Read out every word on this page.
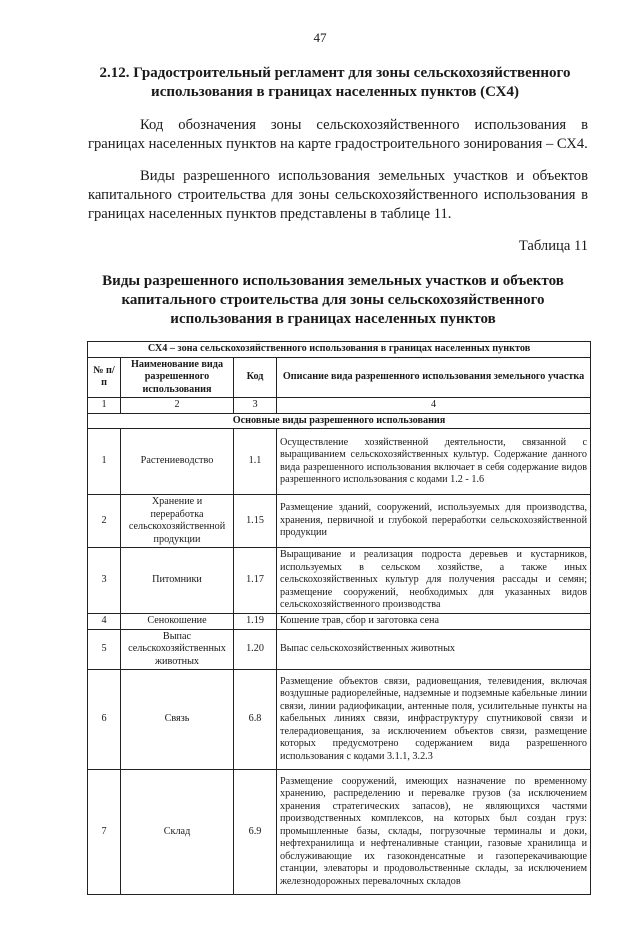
47
2.12. Градостроительный регламент для зоны сельскохозяйственного использования в границах населенных пунктов (СХ4)
Код обозначения зоны сельскохозяйственного использования в границах населенных пунктов на карте градостроительного зонирования – СХ4.
Виды разрешенного использования земельных участков и объектов капитального строительства для зоны сельскохозяйственного использования в границах населенных пунктов представлены в таблице 11.
Таблица 11
Виды разрешенного использования земельных участков и объектов капитального строительства для зоны сельскохозяйственного использования в границах населенных пунктов
СХ4 – зона сельскохозяйственного использования в границах населенных пунктов			
№ п/п	Наименование вида разрешенного использования	Код	Описание вида разрешенного использования земельного участка
1	2	3	4
Основные виды разрешенного использования			
1	Растениеводство	1.1	Осуществление хозяйственной деятельности, связанной с выращиванием сельскохозяйственных культур. Содержание данного вида разрешенного использования включает в себя содержание видов разрешенного использования с кодами 1.2 - 1.6
2	Хранение и переработка сельскохозяйственной продукции	1.15	Размещение зданий, сооружений, используемых для производства, хранения, первичной и глубокой переработки сельскохозяйственной продукции
3	Питомники	1.17	Выращивание и реализация подроста деревьев и кустарников, используемых в сельском хозяйстве, а также иных сельскохозяйственных культур для получения рассады и семян; размещение сооружений, необходимых для указанных видов сельскохозяйственного производства
4	Сенокошение	1.19	Кошение трав, сбор и заготовка сена
5	Выпас сельскохозяйственных животных	1.20	Выпас сельскохозяйственных животных
6	Связь	6.8	Размещение объектов связи, радиовещания, телевидения, включая воздушные радиорелейные, надземные и подземные кабельные линии связи, линии радиофикации, антенные поля, усилительные пункты на кабельных линиях связи, инфраструктуру спутниковой связи и телерадиовещания, за исключением объектов связи, размещение которых предусмотрено содержанием вида разрешенного использования с кодами 3.1.1, 3.2.3
7	Склад	6.9	Размещение сооружений, имеющих назначение по временному хранению, распределению и перевалке грузов (за исключением хранения стратегических запасов), не являющихся частями производственных комплексов, на которых был создан груз: промышленные базы, склады, погрузочные терминалы и доки, нефтехранилища и нефтеналивные станции, газовые хранилища и обслуживающие их газоконденсатные и газоперекачивающие станции, элеваторы и продовольственные склады, за исключением железнодорожных перевалочных складов
